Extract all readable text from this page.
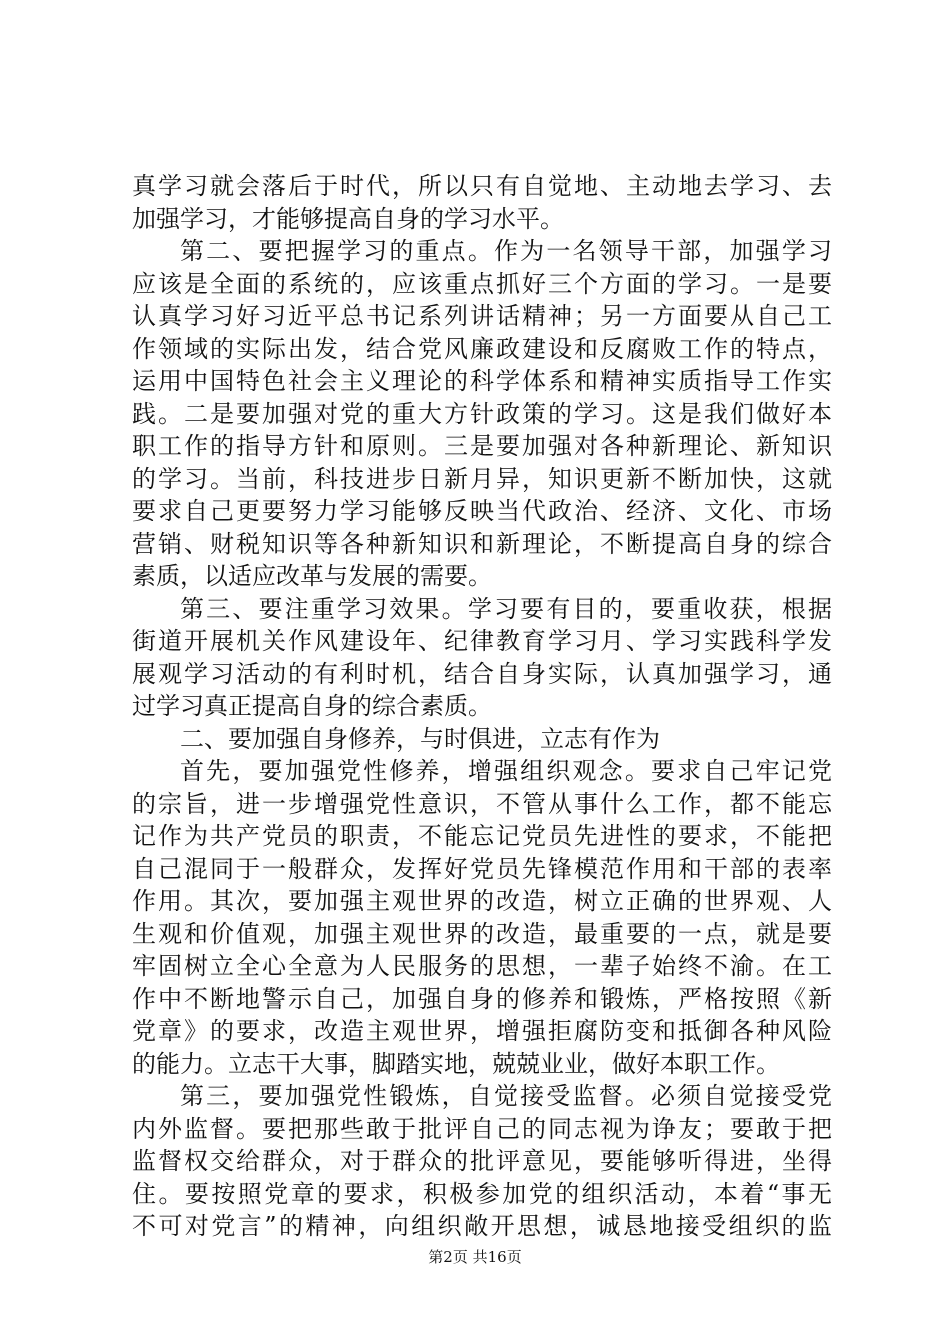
真学习就会落后于时代，所以只有自觉地、主动地去学习、去
加强学习，才能够提高自身的学习水平。
第二、要把握学习的重点。作为一名领导干部，加强学习
应该是全面的系统的，应该重点抓好三个方面的学习。一是要
认真学习好习近平总书记系列讲话精神；另一方面要从自己工
作领域的实际出发，结合党风廉政建设和反腐败工作的特点，
运用中国特色社会主义理论的科学体系和精神实质指导工作实
践。二是要加强对党的重大方针政策的学习。这是我们做好本
职工作的指导方针和原则。三是要加强对各种新理论、新知识
的学习。当前，科技进步日新月异，知识更新不断加快，这就
要求自己更要努力学习能够反映当代政治、经济、文化、市场
营销、财税知识等各种新知识和新理论，不断提高自身的综合
素质，以适应改革与发展的需要。
第三、要注重学习效果。学习要有目的，要重收获，根据
街道开展机关作风建设年、纪律教育学习月、学习实践科学发
展观学习活动的有利时机，结合自身实际，认真加强学习，通
过学习真正提高自身的综合素质。
二、要加强自身修养，与时俱进，立志有作为
首先，要加强党性修养，增强组织观念。要求自己牢记党
的宗旨，进一步增强党性意识，不管从事什么工作，都不能忘
记作为共产党员的职责，不能忘记党员先进性的要求，不能把
自己混同于一般群众，发挥好党员先锋模范作用和干部的表率
作用。其次，要加强主观世界的改造，树立正确的世界观、人
生观和价值观，加强主观世界的改造，最重要的一点，就是要
牢固树立全心全意为人民服务的思想，一辈子始终不渝。在工
作中不断地警示自己，加强自身的修养和锻炼，严格按照《新
党章》的要求，改造主观世界，增强拒腐防变和抵御各种风险
的能力。立志干大事，脚踏实地，兢兢业业，做好本职工作。
第三，要加强党性锻炼，自觉接受监督。必须自觉接受党
内外监督。要把那些敢于批评自己的同志视为诤友；要敢于把
监督权交给群众，对于群众的批评意见，要能够听得进，坐得
住。要按照党章的要求，积极参加党的组织活动，本着“事无
不可对党言”的精神，向组织敞开思想，诚恳地接受组织的监
第2页 共16页
